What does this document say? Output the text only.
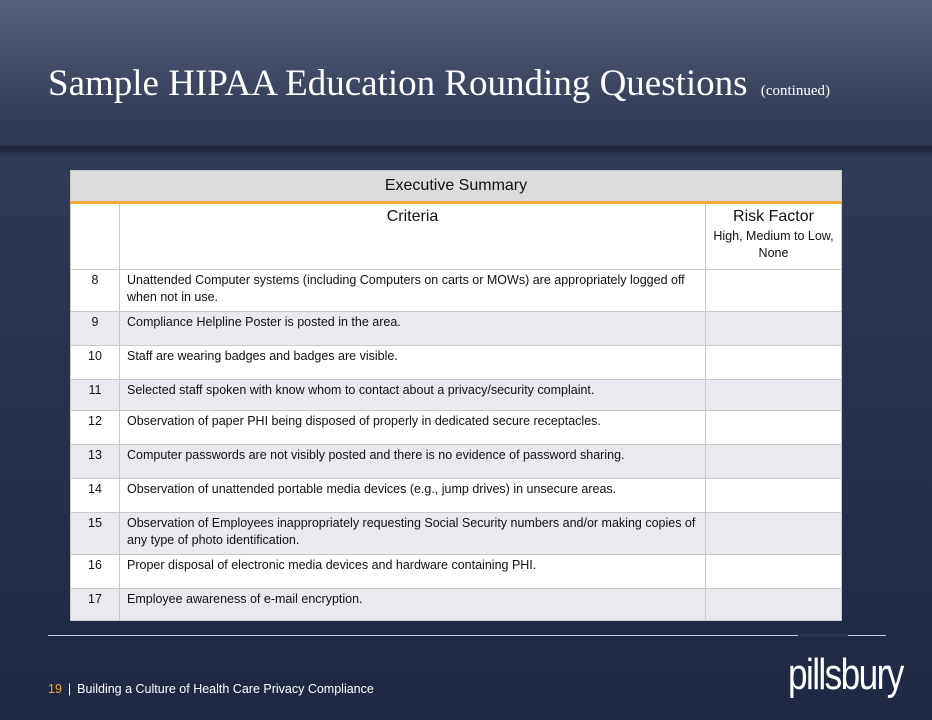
Sample HIPAA Education Rounding Questions (continued)
Executive Summary		
	Criteria	Risk Factor
High, Medium to Low, None

8	Unattended Computer systems (including Computers on carts or MOWs) are appropriately logged off when not in use.	
9	Compliance Helpline Poster is posted in the area.	
10	Staff are wearing badges and badges are visible.	
11	Selected staff spoken with know whom to contact about a privacy/security complaint.	
12	Observation of paper PHI being disposed of properly in dedicated secure receptacles.	
13	Computer passwords are not visibly posted and there is no evidence of password sharing.	
14	Observation of unattended portable media devices (e.g., jump drives) in unsecure areas.	
15	Observation of Employees inappropriately requesting Social Security numbers and/or making copies of any type of photo identification.	
16	Proper disposal of electronic media devices and hardware containing PHI.	
17	Employee awareness of e-mail encryption.	
19 | Building a Culture of Health Care Privacy Compliance	pillsbury
